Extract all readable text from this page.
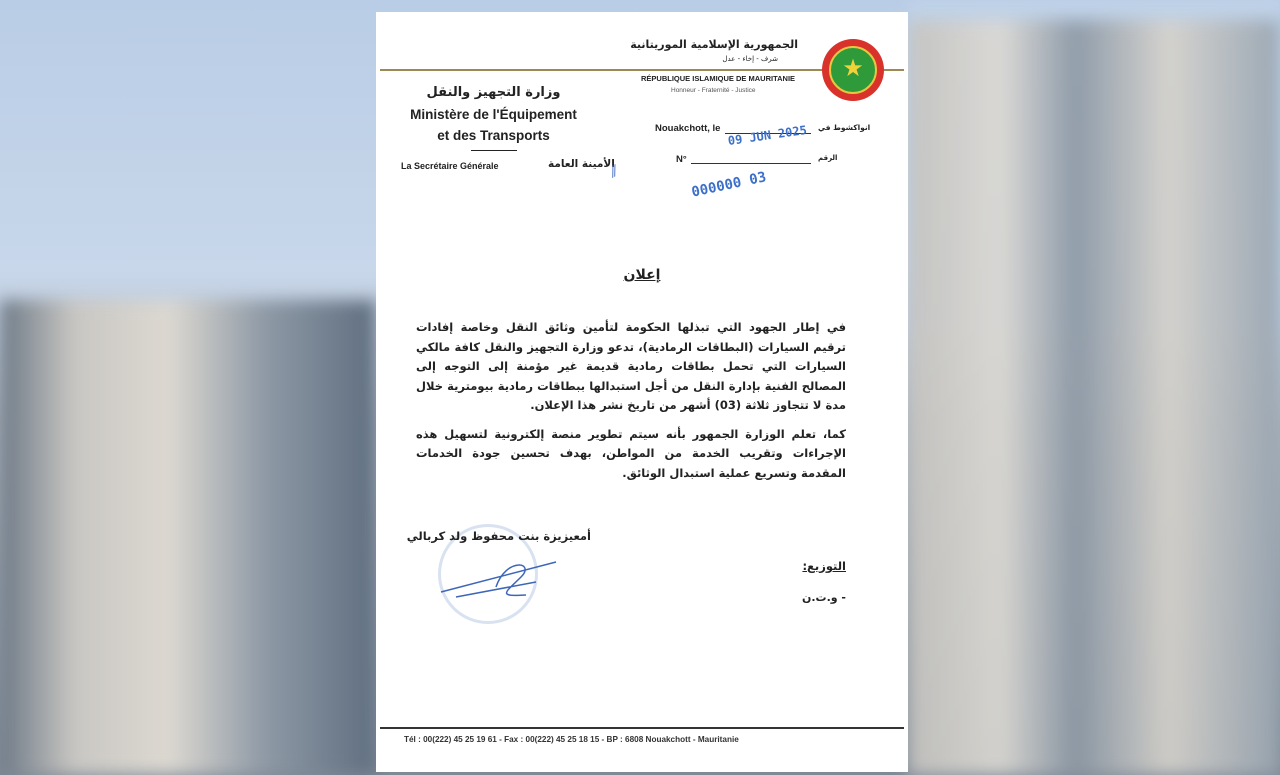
الجمهورية الإسلامية الموريتانية
شرف - إخاء - عدل	★
RÉPUBLIQUE ISLAMIQUE DE MAURITANIE
Honneur - Fraternité - Justice
وزارة التجهيز والنقل
Ministère de l'Équipement
et des Transports
La Secrétaire Générale	الأمينة العامة
⁄⁄
Nouakchott, le	انواكشوط في
09 JUN 2025
N°	الرقم
000000 03
إعلان

في إطار الجهود التي تبذلها الحكومة لتأمين وثائق النقل وخاصة إفادات ترقيم السيارات (البطاقات الرمادية)، تدعو وزارة التجهيز والنقل كافة مالكي السيارات التي تحمل بطاقات رمادية قديمة غير مؤمنة إلى التوجه إلى المصالح الفنية بإدارة النقل من أجل استبدالها ببطاقات رمادية بيومترية خلال مدة لا تتجاوز ثلاثة (03) أشهر من تاريخ نشر هذا الإعلان.

كما، تعلم الوزارة الجمهور بأنه سيتم تطوير منصة إلكترونية لتسهيل هذه الإجراءات وتقريب الخدمة من المواطن، بهدف تحسين جودة الخدمات المقدمة وتسريع عملية استبدال الوثائق.

أمعيزيزة بنت محفوظ ولد كربالي
التوزيع:
- و.ت.ن
Tél : 00(222) 45 25 19 61 - Fax : 00(222) 45 25 18 15 - BP : 6808 Nouakchott - Mauritanie
